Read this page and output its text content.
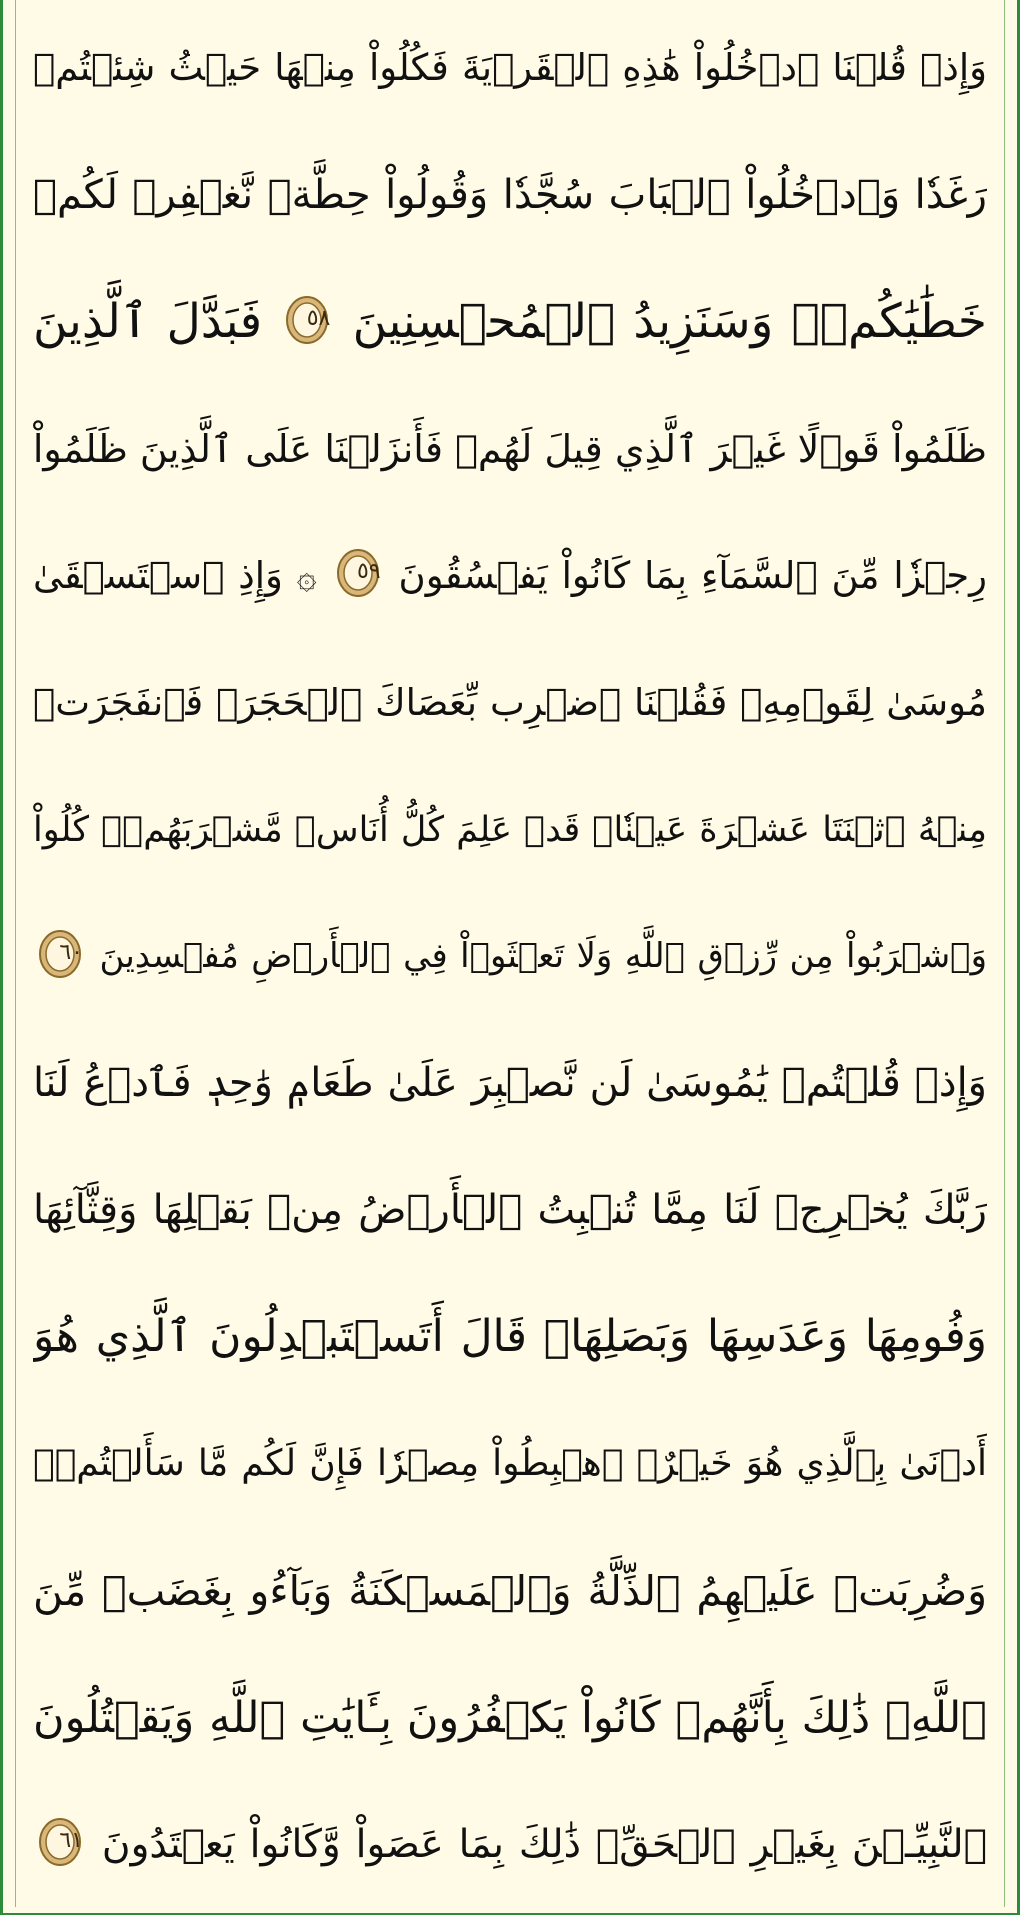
وَإِذۡ قُلۡنَا ٱدۡخُلُواْ هَٰذِهِ ٱلۡقَرۡيَةَ فَكُلُواْ مِنۡهَا حَيۡثُ شِئۡتُمۡ
رَغَدٗا وَٱدۡخُلُواْ ٱلۡبَابَ سُجَّدٗا وَقُولُواْ حِطَّةٞ نَّغۡفِرۡ لَكُمۡ
خَطَٰيَٰكُمۡۚ وَسَنَزِيدُ ٱلۡمُحۡسِنِينَ
٥٨
فَبَدَّلَ ٱلَّذِينَ
ظَلَمُواْ قَوۡلًا غَيۡرَ ٱلَّذِي قِيلَ لَهُمۡ فَأَنزَلۡنَا عَلَى ٱلَّذِينَ ظَلَمُواْ
رِجۡزٗا مِّنَ ٱلسَّمَآءِ بِمَا كَانُواْ يَفۡسُقُونَ
٥٩
۞ وَإِذِ ٱسۡتَسۡقَىٰ
مُوسَىٰ لِقَوۡمِهِۦ فَقُلۡنَا ٱضۡرِب بِّعَصَاكَ ٱلۡحَجَرَۖ فَٱنفَجَرَتۡ
مِنۡهُ ٱثۡنَتَا عَشۡرَةَ عَيۡنٗاۖ قَدۡ عَلِمَ كُلُّ أُنَاسٖ مَّشۡرَبَهُمۡۖ كُلُواْ
وَٱشۡرَبُواْ مِن رِّزۡقِ ٱللَّهِ وَلَا تَعۡثَوۡاْ فِي ٱلۡأَرۡضِ مُفۡسِدِينَ
٦٠
وَإِذۡ قُلۡتُمۡ يَٰمُوسَىٰ لَن نَّصۡبِرَ عَلَىٰ طَعَامٖ وَٰحِدٖ فَٱدۡعُ لَنَا
رَبَّكَ يُخۡرِجۡ لَنَا مِمَّا تُنۢبِتُ ٱلۡأَرۡضُ مِنۢ بَقۡلِهَا وَقِثَّآئِهَا
وَفُومِهَا وَعَدَسِهَا وَبَصَلِهَاۖ قَالَ أَتَسۡتَبۡدِلُونَ ٱلَّذِي هُوَ
أَدۡنَىٰ بِٱلَّذِي هُوَ خَيۡرٌۚ ٱهۡبِطُواْ مِصۡرٗا فَإِنَّ لَكُم مَّا سَأَلۡتُمۡۗ
وَضُرِبَتۡ عَلَيۡهِمُ ٱلذِّلَّةُ وَٱلۡمَسۡكَنَةُ وَبَآءُو بِغَضَبٖ مِّنَ
ٱللَّهِۗ ذَٰلِكَ بِأَنَّهُمۡ كَانُواْ يَكۡفُرُونَ بِـَٔايَٰتِ ٱللَّهِ وَيَقۡتُلُونَ
ٱلنَّبِيِّـۧنَ بِغَيۡرِ ٱلۡحَقِّۗ ذَٰلِكَ بِمَا عَصَواْ وَّكَانُواْ يَعۡتَدُونَ
٦١
